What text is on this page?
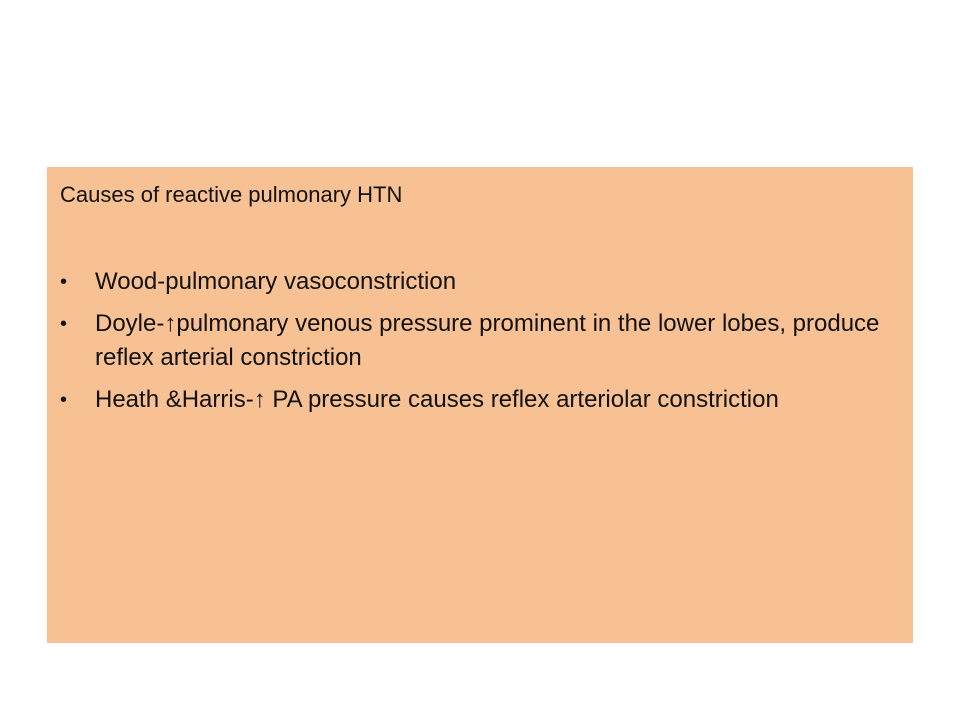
Causes of reactive pulmonary HTN

•	Wood-pulmonary vasoconstriction
•	Doyle-↑pulmonary venous pressure prominent in the lower lobes, produce reflex arterial constriction
•	Heath &Harris-↑ PA pressure causes reflex arteriolar constriction
